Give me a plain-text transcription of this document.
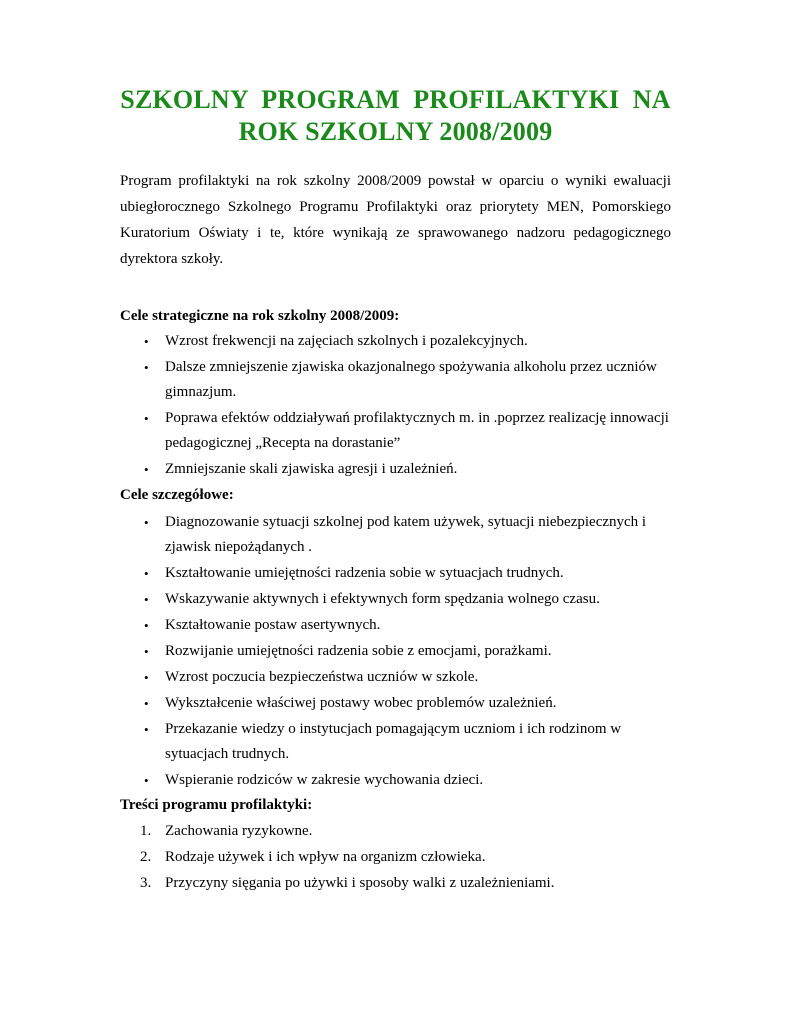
SZKOLNY  PROGRAM  PROFILAKTYKI  NA
ROK SZKOLNY 2008/2009

Program profilaktyki na rok szkolny 2008/2009 powstał w oparciu o wyniki ewaluacji ubiegłorocznego Szkolnego Programu Profilaktyki oraz priorytety MEN, Pomorskiego Kuratorium Oświaty i te, które wynikają ze sprawowanego nadzoru pedagogicznego dyrektora szkoły.

Cele strategiczne na rok szkolny 2008/2009:
• Wzrost frekwencji na zajęciach szkolnych i pozalekcyjnych.
• Dalsze zmniejszenie zjawiska okazjonalnego spożywania alkoholu przez uczniów gimnazjum.
• Poprawa efektów oddziaływań profilaktycznych m. in .poprzez realizację innowacji pedagogicznej „Recepta na dorastanie”
• Zmniejszanie skali zjawiska agresji i uzależnień.
Cele szczegółowe:
• Diagnozowanie sytuacji szkolnej pod katem używek, sytuacji niebezpiecznych i zjawisk niepożądanych .
• Kształtowanie umiejętności radzenia sobie w sytuacjach trudnych.
• Wskazywanie aktywnych i efektywnych form spędzania wolnego czasu.
• Kształtowanie postaw asertywnych.
• Rozwijanie umiejętności radzenia sobie z emocjami, porażkami.
• Wzrost poczucia bezpieczeństwa uczniów w szkole.
• Wykształcenie właściwej postawy wobec problemów uzależnień.
• Przekazanie wiedzy o instytucjach pomagającym uczniom i ich rodzinom w sytuacjach trudnych.
• Wspieranie rodziców w zakresie wychowania dzieci.
Treści programu profilaktyki:
1. Zachowania ryzykowne.
2. Rodzaje używek i ich wpływ na organizm człowieka.
3. Przyczyny sięgania po używki i sposoby walki z uzależnieniami.
